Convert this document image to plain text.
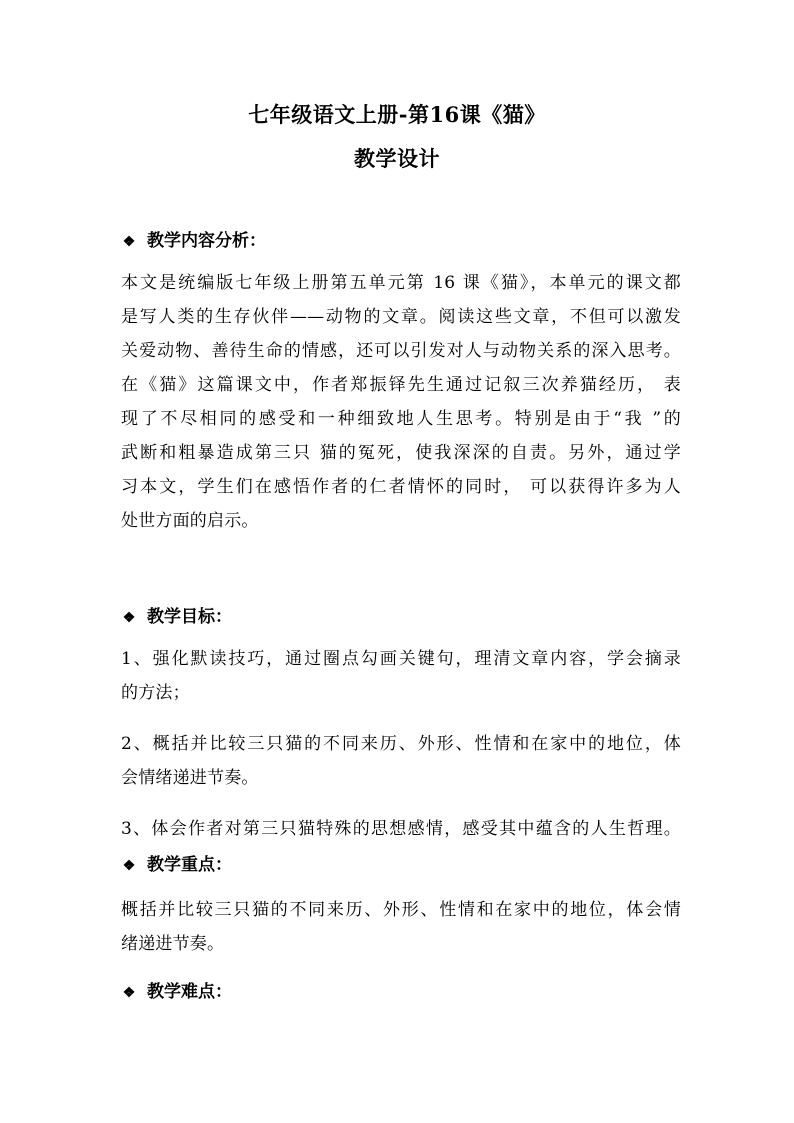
七年级语文上册-第16课《猫》
教学设计
❖ 教学内容分析：
本文是统编版七年级上册第五单元第 16 课《猫》，本单元的课文都
是写人类的生存伙伴——动物的文章。阅读这些文章，不但可以激发
关爱动物、善待生命的情感，还可以引发对人与动物关系的深入思考。
在《猫》这篇课文中，作者郑振铎先生通过记叙三次养猫经历， 表
现了不尽相同的感受和一种细致地人生思考。特别是由于“我 ”的
武断和粗暴造成第三只 猫的冤死，使我深深的自责。另外，通过学
习本文，学生们在感悟作者的仁者情怀的同时， 可以获得许多为人
处世方面的启示。
❖ 教学目标：
1、强化默读技巧，通过圈点勾画关键句，理清文章内容，学会摘录
的方法；
2、概括并比较三只猫的不同来历、外形、性情和在家中的地位，体
会情绪递进节奏。
3、体会作者对第三只猫特殊的思想感情，感受其中蕴含的人生哲理。
❖ 教学重点：
概括并比较三只猫的不同来历、外形、性情和在家中的地位，体会情
绪递进节奏。
❖ 教学难点：
